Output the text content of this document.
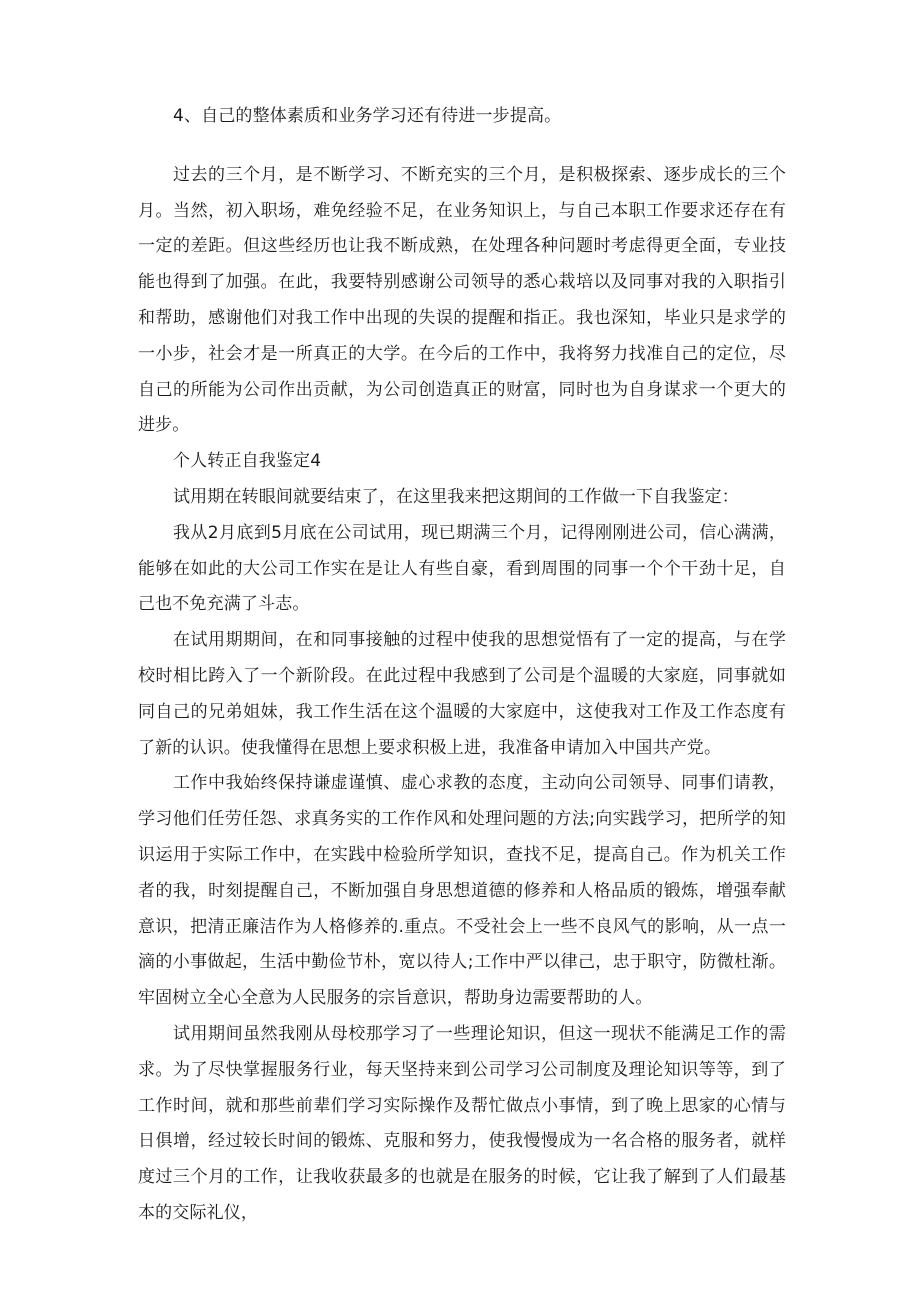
4、自己的整体素质和业务学习还有待进一步提高。

过去的三个月，是不断学习、不断充实的三个月，是积极探索、逐步成长的三个月。当然，初入职场，难免经验不足，在业务知识上，与自己本职工作要求还存在有一定的差距。但这些经历也让我不断成熟，在处理各种问题时考虑得更全面，专业技能也得到了加强。在此，我要特别感谢公司领导的悉心栽培以及同事对我的入职指引和帮助，感谢他们对我工作中出现的失误的提醒和指正。我也深知，毕业只是求学的一小步，社会才是一所真正的大学。在今后的工作中，我将努力找准自己的定位，尽自己的所能为公司作出贡献，为公司创造真正的财富，同时也为自身谋求一个更大的进步。

个人转正自我鉴定4

试用期在转眼间就要结束了，在这里我来把这期间的工作做一下自我鉴定：

我从2月底到5月底在公司试用，现已期满三个月，记得刚刚进公司，信心满满，能够在如此的大公司工作实在是让人有些自豪，看到周围的同事一个个干劲十足，自己也不免充满了斗志。

在试用期期间，在和同事接触的过程中使我的思想觉悟有了一定的提高，与在学校时相比跨入了一个新阶段。在此过程中我感到了公司是个温暖的大家庭，同事就如同自己的兄弟姐妹，我工作生活在这个温暖的大家庭中，这使我对工作及工作态度有了新的认识。使我懂得在思想上要求积极上进，我准备申请加入中国共产党。

工作中我始终保持谦虚谨慎、虚心求教的态度，主动向公司领导、同事们请教，学习他们任劳任怨、求真务实的工作作风和处理问题的方法;向实践学习，把所学的知识运用于实际工作中，在实践中检验所学知识，查找不足，提高自己。作为机关工作者的我，时刻提醒自己，不断加强自身思想道德的修养和人格品质的锻炼，增强奉献意识，把清正廉洁作为人格修养的.重点。不受社会上一些不良风气的影响，从一点一滴的小事做起，生活中勤俭节朴，宽以待人;工作中严以律己，忠于职守，防微杜渐。牢固树立全心全意为人民服务的宗旨意识，帮助身边需要帮助的人。

试用期间虽然我刚从母校那学习了一些理论知识，但这一现状不能满足工作的需求。为了尽快掌握服务行业，每天坚持来到公司学习公司制度及理论知识等等，到了工作时间，就和那些前辈们学习实际操作及帮忙做点小事情，到了晚上思家的心情与日俱增，经过较长时间的锻炼、克服和努力，使我慢慢成为一名合格的服务者，就样度过三个月的工作，让我收获最多的也就是在服务的时候，它让我了解到了人们最基本的交际礼仪，
